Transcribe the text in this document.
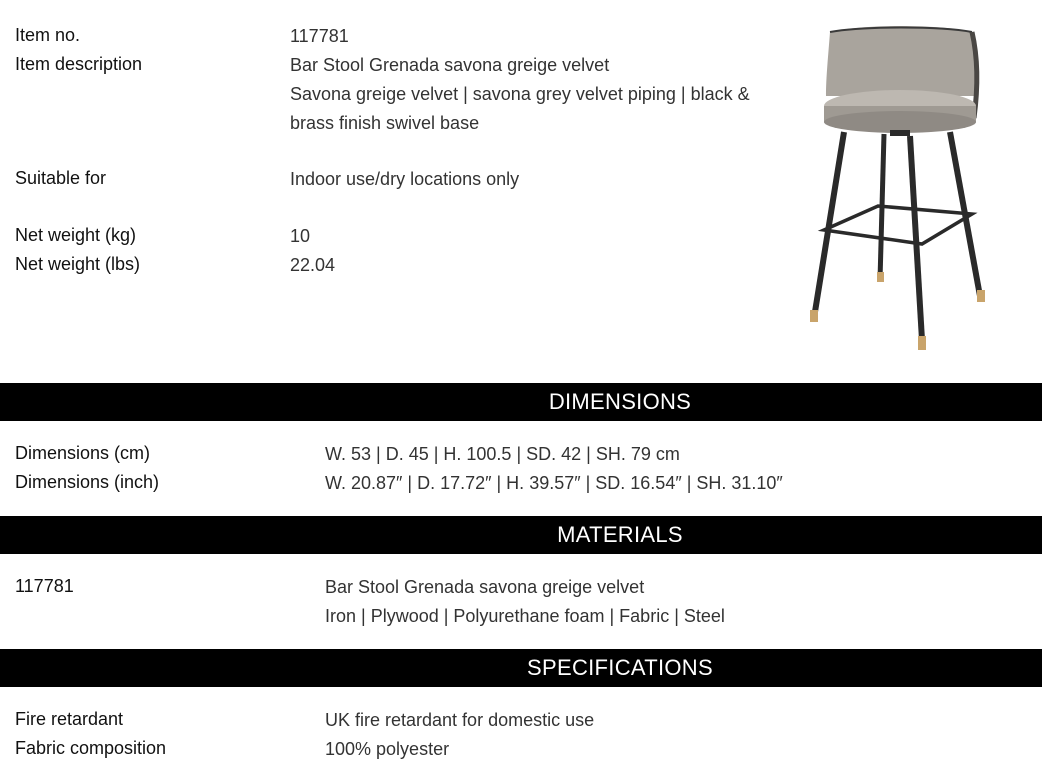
Item no.	117781
Item description	Bar Stool Grenada savona greige velvet
Savona greige velvet | savona grey velvet piping | black &
brass finish swivel base
Suitable for	Indoor use/dry locations only
Net weight (kg)	10
Net weight (lbs)	22.04
DIMENSIONS
Dimensions (cm)	W. 53 | D. 45 | H. 100.5 | SD. 42 | SH. 79 cm
Dimensions (inch)	W. 20.87″ | D. 17.72″ | H. 39.57″ | SD. 16.54″ | SH. 31.10″
MATERIALS
117781	Bar Stool Grenada savona greige velvet
Iron | Plywood | Polyurethane foam | Fabric | Steel
SPECIFICATIONS
Fire retardant	UK fire retardant for domestic use
Fabric composition	100% polyester
